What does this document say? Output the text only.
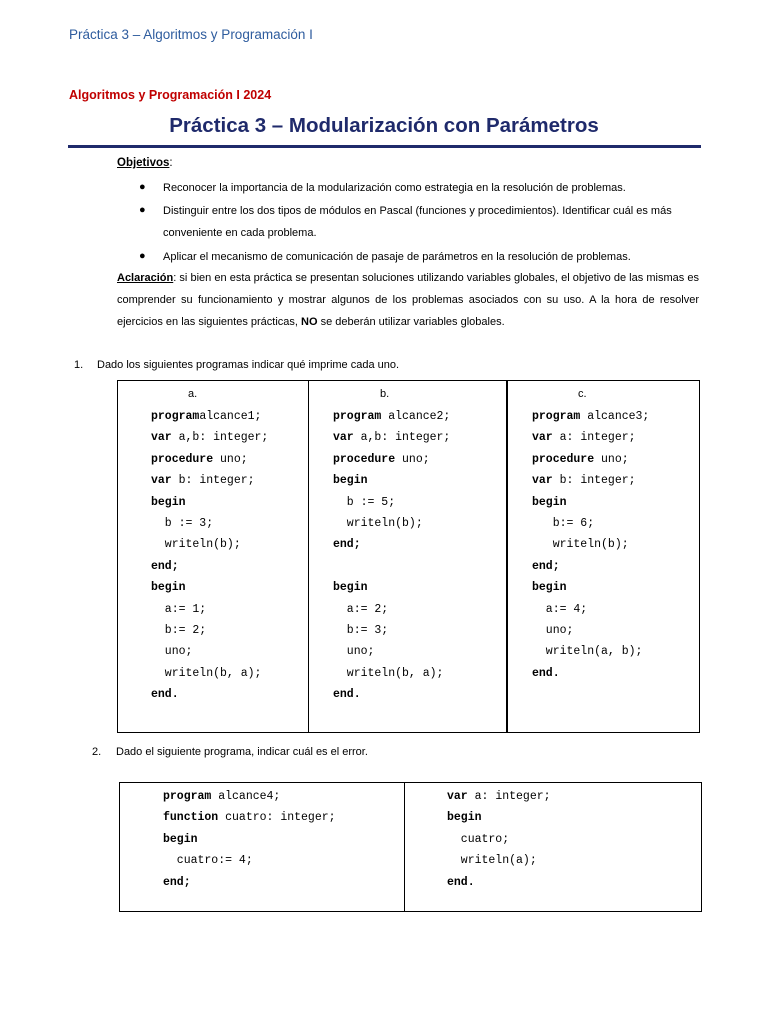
Práctica 3 – Algoritmos y Programación I
Algoritmos y Programación I 2024
Práctica 3 – Modularización con Parámetros
Objetivos:
● Reconocer la importancia de la modularización como estrategia en la resolución de problemas.
● Distinguir entre los dos tipos de módulos en Pascal (funciones y procedimientos). Identificar cuál es más conveniente en cada problema.
● Aplicar el mecanismo de comunicación de pasaje de parámetros en la resolución de problemas.
Aclaración: si bien en esta práctica se presentan soluciones utilizando variables globales, el objetivo de las mismas es comprender su funcionamiento y mostrar algunos de los problemas asociados con su uso. A la hora de resolver ejercicios en las siguientes prácticas, NO se deberán utilizar variables globales.
1. Dado los siguientes programas indicar qué imprime cada uno.
a.	b.	c.
programalcance1;
var a,b: integer;
procedure uno;
var b: integer;
begin
b := 3;
writeln(b);
end;
begin
a:= 1;
b:= 2;
uno;
writeln(b, a);
end.
program alcance2;
var a,b: integer;
procedure uno;
begin
b := 5;
writeln(b);
end;

begin
a:= 2;
b:= 3;
uno;
writeln(b, a);
end.
program alcance3;
var a: integer;
procedure uno;
var b: integer;
begin
b:= 6;
writeln(b);
end;
begin
a:= 4;
uno;
writeln(a, b);
end.
2. Dado el siguiente programa, indicar cuál es el error.
program alcance4;
function cuatro: integer;
begin
cuatro:= 4;
end;
var a: integer;
begin
cuatro;
writeln(a);
end.
